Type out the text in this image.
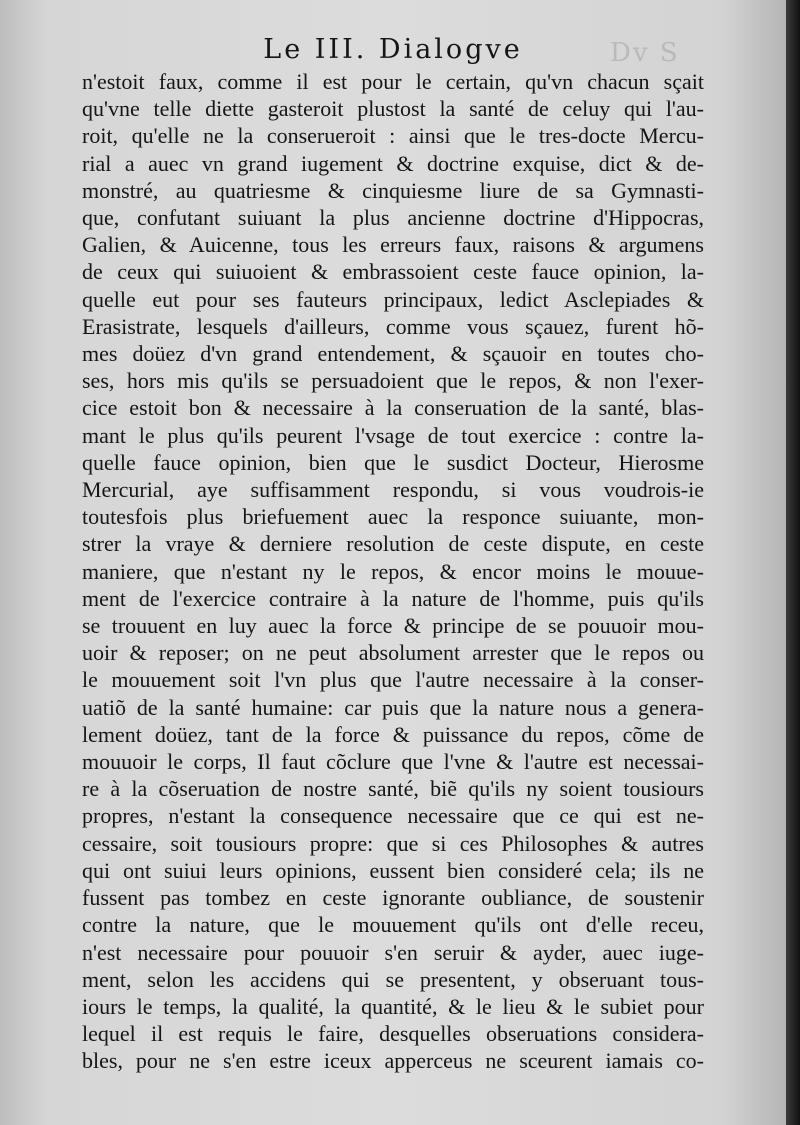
Dv S
Le III. Dialogve
n'estoit faux, comme il est pour le certain, qu'vn chacun sçait
qu'vne telle diette gasteroit plustost la santé de celuy qui l'au-
roit, qu'elle ne la conserueroit : ainsi que le tres-docte Mercu-
rial a auec vn grand iugement & doctrine exquise, dict & de-
monstré, au quatriesme & cinquiesme liure de sa Gymnasti-
que, confutant suiuant la plus ancienne doctrine d'Hippocras,
Galien, & Auicenne, tous les erreurs faux, raisons & argumens
de ceux qui suiuoient & embrassoient ceste fauce opinion, la-
quelle eut pour ses fauteurs principaux, ledict Asclepiades &
Erasistrate, lesquels d'ailleurs, comme vous sçauez, furent hõ-
mes doüez d'vn grand entendement, & sçauoir en toutes cho-
ses, hors mis qu'ils se persuadoient que le repos, & non l'exer-
cice estoit bon & necessaire à la conseruation de la santé, blas-
mant le plus qu'ils peurent l'vsage de tout exercice : contre la-
quelle fauce opinion, bien que le susdict Docteur, Hierosme
Mercurial, aye suffisamment respondu, si vous voudrois-ie
toutesfois plus briefuement auec la responce suiuante, mon-
strer la vraye & derniere resolution de ceste dispute, en ceste
maniere, que n'estant ny le repos, & encor moins le mouue-
ment de l'exercice contraire à la nature de l'homme, puis qu'ils
se trouuent en luy auec la force & principe de se pouuoir mou-
uoir & reposer; on ne peut absolument arrester que le repos ou
le mouuement soit l'vn plus que l'autre necessaire à la conser-
uatiõ de la santé humaine: car puis que la nature nous a genera-
lement doüez, tant de la force & puissance du repos, cõme de
mouuoir le corps, Il faut cõclure que l'vne & l'autre est necessai-
re à la cõseruation de nostre santé, biẽ qu'ils ny soient tousiours
propres, n'estant la consequence necessaire que ce qui est ne-
cessaire, soit tousiours propre: que si ces Philosophes & autres
qui ont suiui leurs opinions, eussent bien consideré cela; ils ne
fussent pas tombez en ceste ignorante oubliance, de soustenir
contre la nature, que le mouuement qu'ils ont d'elle receu,
n'est necessaire pour pouuoir s'en seruir & ayder, auec iuge-
ment, selon les accidens qui se presentent, y obseruant tous-
iours le temps, la qualité, la quantité, & le lieu & le subiet pour
lequel il est requis le faire, desquelles obseruations considera-
bles, pour ne s'en estre iceux apperceus ne sceurent iamais co-
